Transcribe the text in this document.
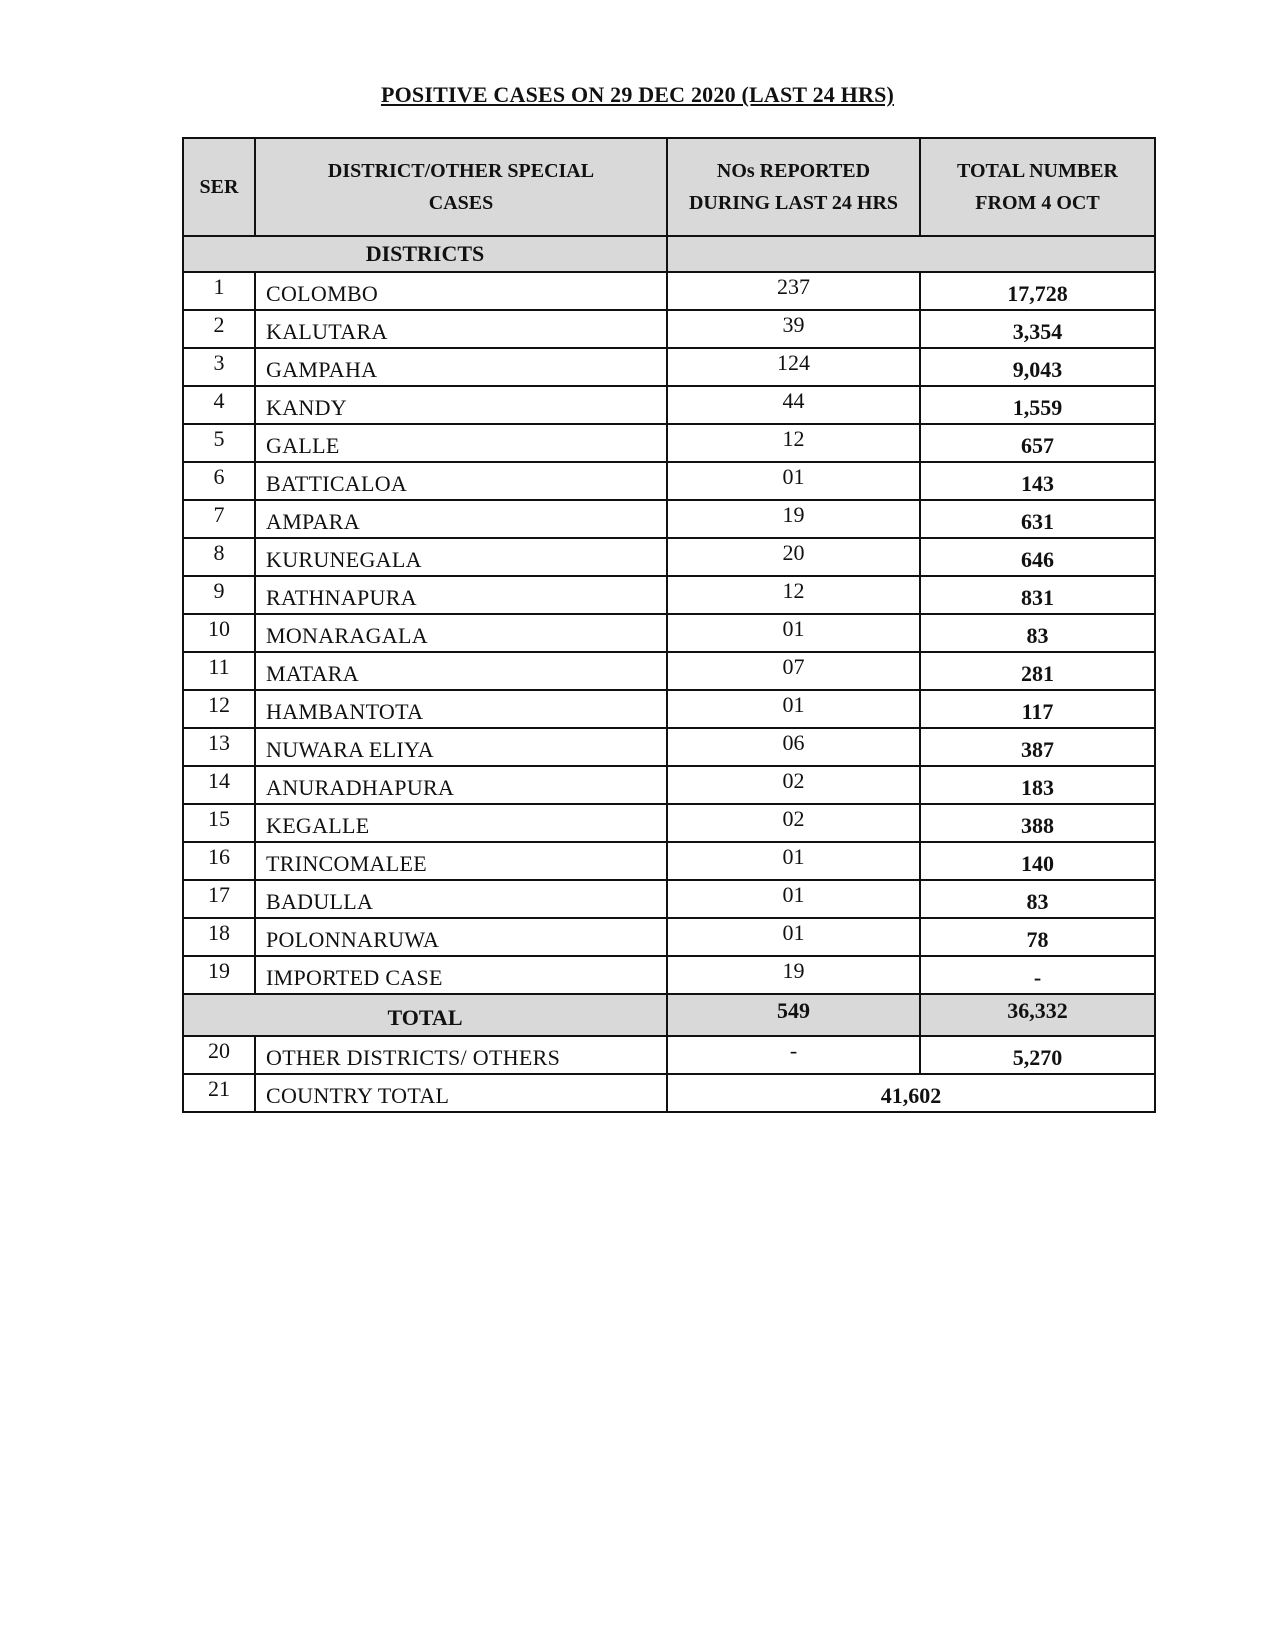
POSITIVE CASES ON 29 DEC 2020 (LAST 24 HRS)
SER	DISTRICT/OTHER SPECIAL CASES	NOs REPORTED DURING LAST 24 HRS	TOTAL NUMBER FROM 4 OCT
DISTRICTS			
1	COLOMBO	237	17,728
2	KALUTARA	39	3,354
3	GAMPAHA	124	9,043
4	KANDY	44	1,559
5	GALLE	12	657
6	BATTICALOA	01	143
7	AMPARA	19	631
8	KURUNEGALA	20	646
9	RATHNAPURA	12	831
10	MONARAGALA	01	83
11	MATARA	07	281
12	HAMBANTOTA	01	117
13	NUWARA ELIYA	06	387
14	ANURADHAPURA	02	183
15	KEGALLE	02	388
16	TRINCOMALEE	01	140
17	BADULLA	01	83
18	POLONNARUWA	01	78
19	IMPORTED CASE	19	-
TOTAL		549	36,332
20	OTHER DISTRICTS/ OTHERS	-	5,270
21	COUNTRY TOTAL	41,602	
